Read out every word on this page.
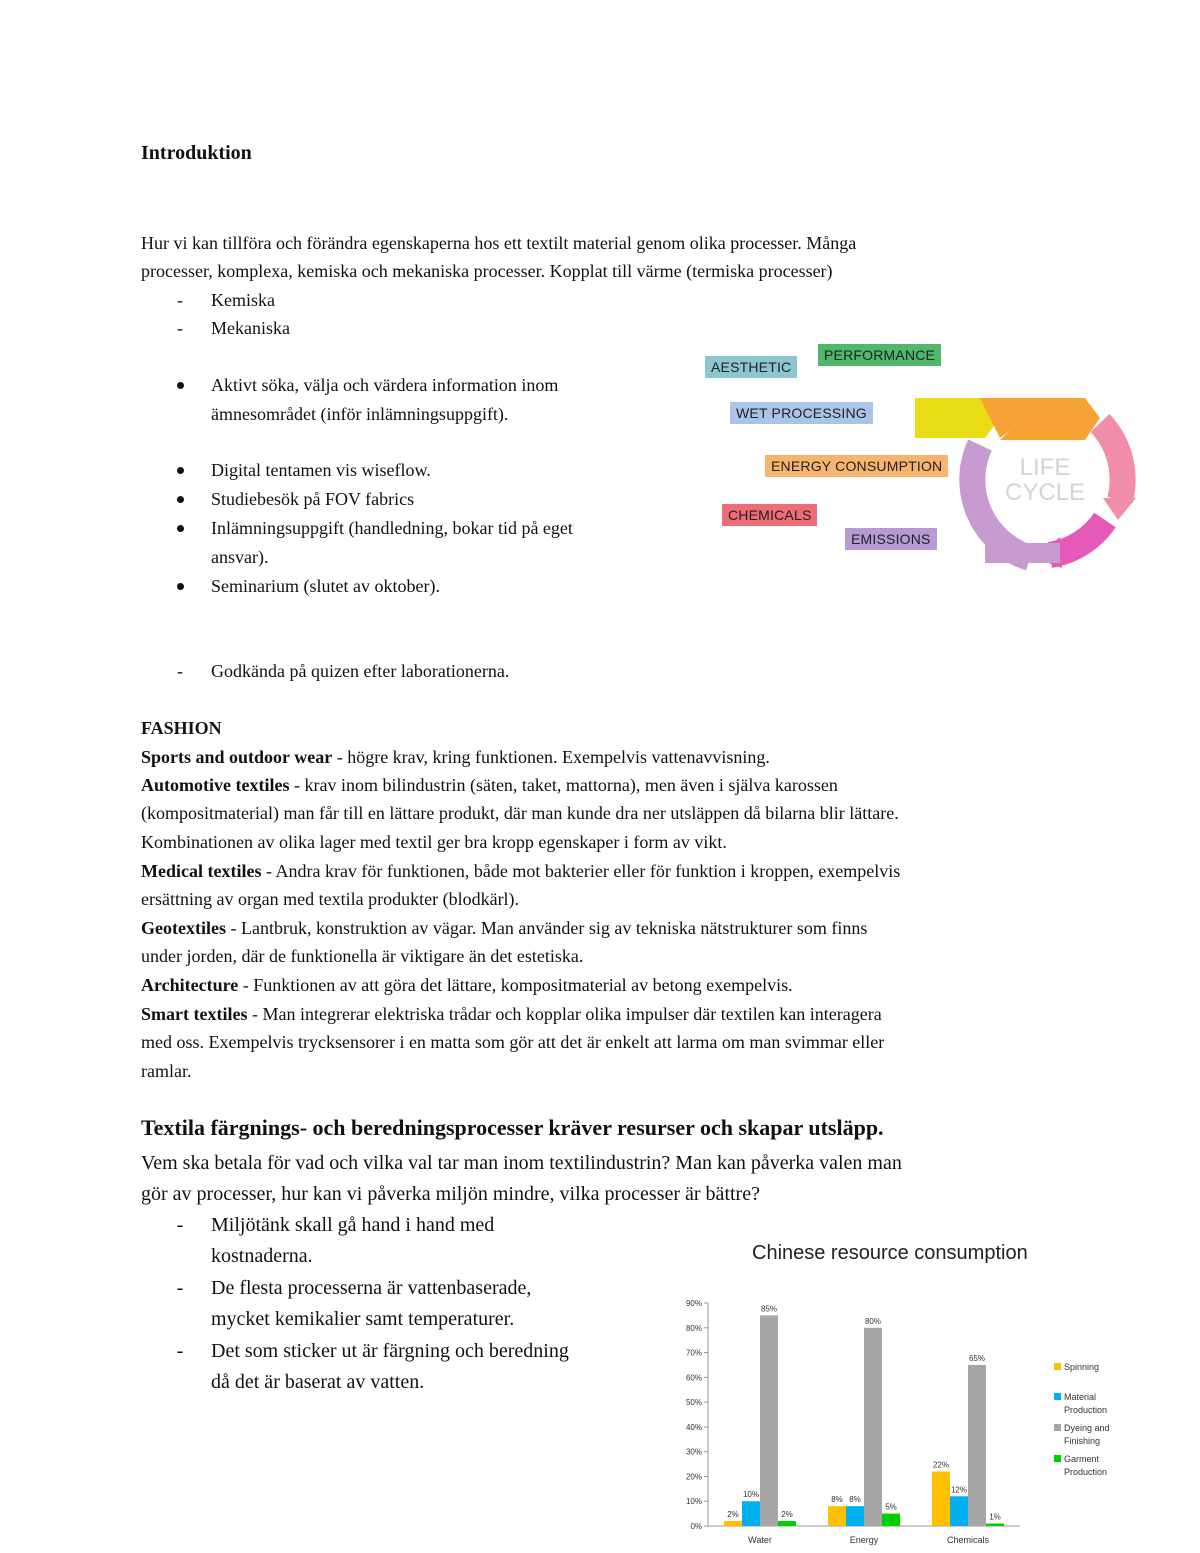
Introduktion
Hur vi kan tillföra och förändra egenskaperna hos ett textilt material genom olika processer. Många
processer, komplexa, kemiska och mekaniska processer. Kopplat till värme (termiska processer)
-	Kemiska
-	Mekaniska
Aktivt söka, välja och värdera information inom
ämnesområdet (inför inlämningsuppgift).
Digital tentamen vis wiseflow.
Studiebesök på FOV fabrics
Inlämningsuppgift (handledning, bokar tid på eget
ansvar).
Seminarium (slutet av oktober).
-	Godkända på quizen efter laborationerna.
AESTHETIC
PERFORMANCE
WET PROCESSING
ENERGY CONSUMPTION
CHEMICALS
EMISSIONS
LIFE
CYCLE
FASHION
Sports and outdoor wear - högre krav, kring funktionen. Exempelvis vattenavvisning.
Automotive textiles - krav inom bilindustrin (säten, taket, mattorna), men även i själva karossen
(kompositmaterial) man får till en lättare produkt, där man kunde dra ner utsläppen då bilarna blir lättare.
Kombinationen av olika lager med textil ger bra kropp egenskaper i form av vikt.
Medical textiles - Andra krav för funktionen, både mot bakterier eller för funktion i kroppen, exempelvis
ersättning av organ med textila produkter (blodkärl).
Geotextiles - Lantbruk, konstruktion av vägar. Man använder sig av tekniska nätstrukturer som finns
under jorden, där de funktionella är viktigare än det estetiska.
Architecture - Funktionen av att göra det lättare, kompositmaterial av betong exempelvis.
Smart textiles - Man integrerar elektriska trådar och kopplar olika impulser där textilen kan interagera
med oss. Exempelvis trycksensorer i en matta som gör att det är enkelt att larma om man svimmar eller
ramlar.
Textila färgnings- och beredningsprocesser kräver resurser och skapar utsläpp.
Vem ska betala för vad och vilka val tar man inom textilindustrin? Man kan påverka valen man
gör av processer, hur kan vi påverka miljön mindre, vilka processer är bättre?
-	Miljötänk skall gå hand i hand med
kostnaderna.
-	De flesta processerna är vattenbaserade,
mycket kemikalier samt temperaturer.
-	Det som sticker ut är färgning och beredning
då det är baserat av vatten.
Chinese resource consumption
0%
10%
20%
30%
40%
50%
60%
70%
80%
90%
2%
10%
85%
2%
Water
8% 8%
80%
5%
Energy
22%
12%
65%
1%
Chemicals
Spinning
Material
Production
Dyeing and
Finishing
Garment
Production
